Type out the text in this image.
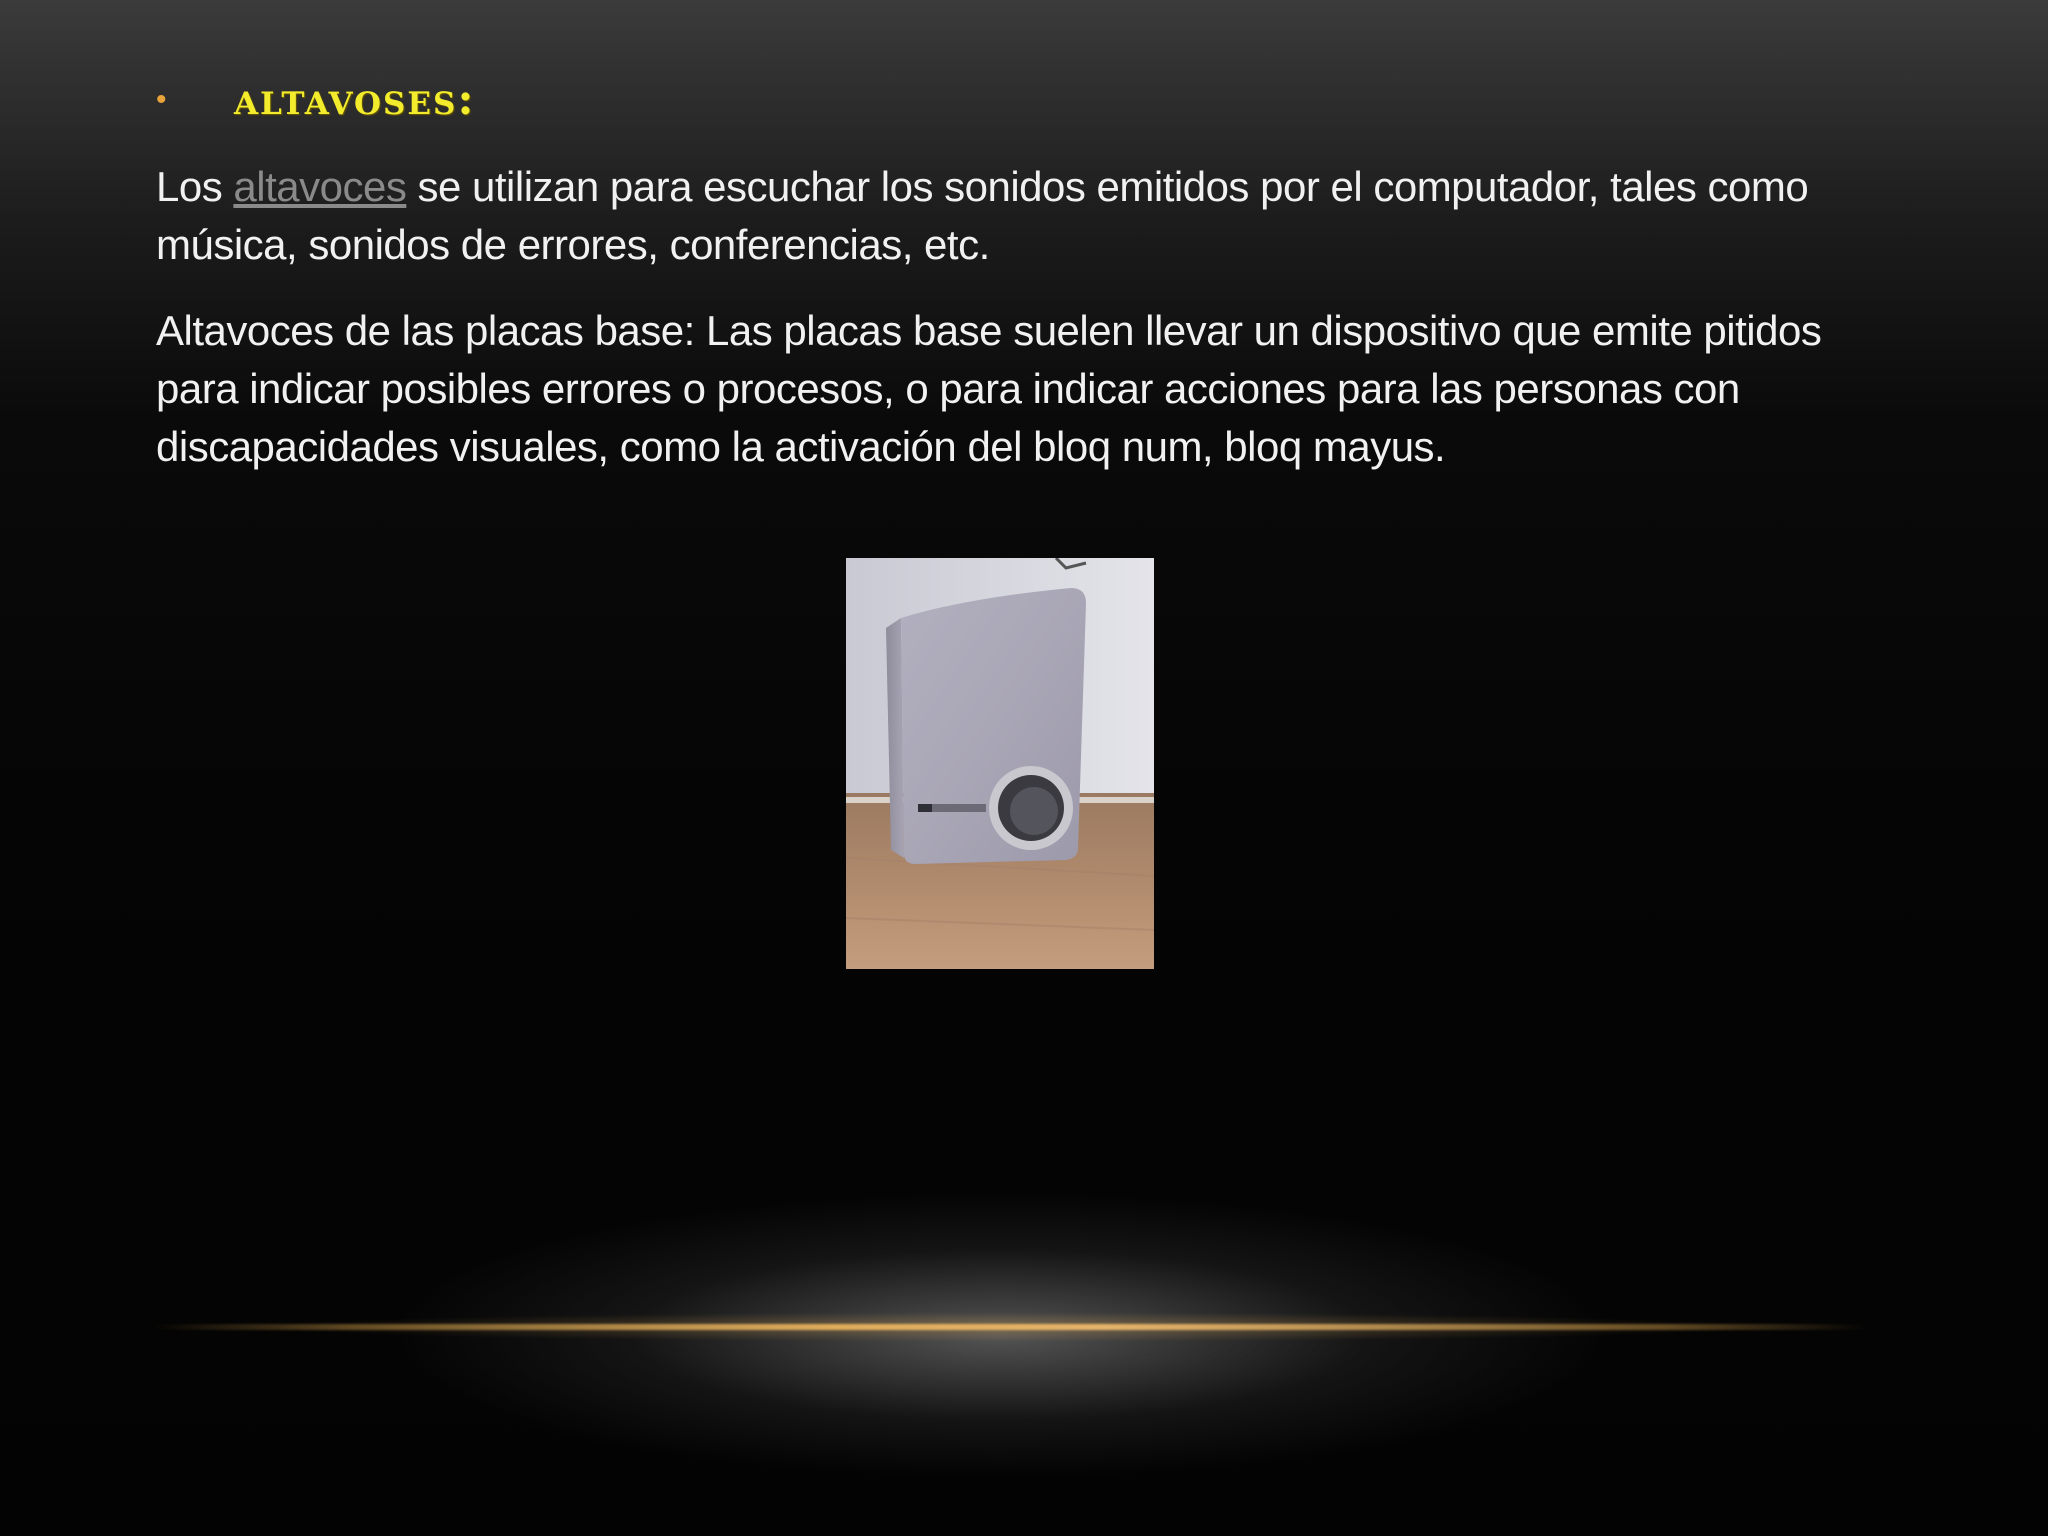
•	altavoses:

Los altavoces se utilizan para escuchar los sonidos emitidos por el computador, tales como música, sonidos de errores, conferencias, etc.

Altavoces de las placas base: Las placas base suelen llevar un dispositivo que emite pitidos para indicar posibles errores o procesos, o para indicar acciones para las personas con discapacidades visuales, como la activación del bloq num, bloq mayus.
